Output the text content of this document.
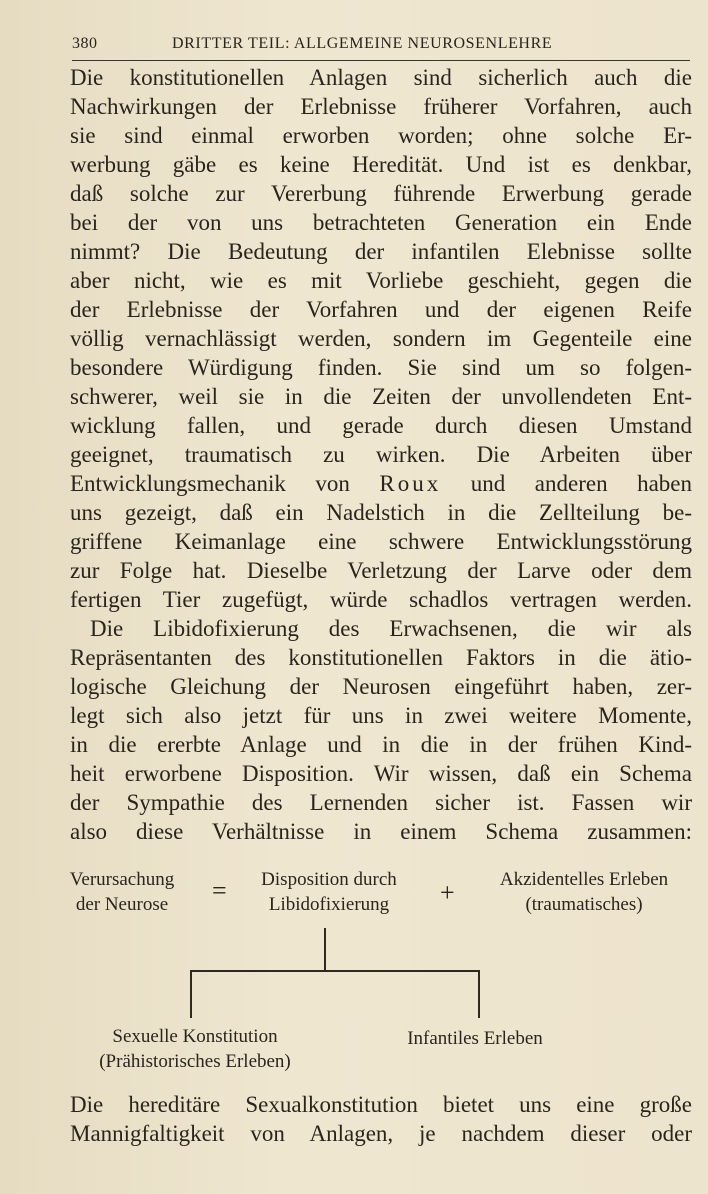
380	DRITTER TEIL: ALLGEMEINE NEUROSENLEHRE
Die konstitutionellen Anlagen sind sicherlich auch die
Nachwirkungen der Erlebnisse früherer Vorfahren, auch
sie sind einmal erworben worden; ohne solche Er-
werbung gäbe es keine Heredität. Und ist es denkbar,
daß solche zur Vererbung führende Erwerbung gerade
bei der von uns betrachteten Generation ein Ende
nimmt? Die Bedeutung der infantilen Elebnisse sollte
aber nicht, wie es mit Vorliebe geschieht, gegen die
der Erlebnisse der Vorfahren und der eigenen Reife
völlig vernachlässigt werden, sondern im Gegenteile eine
besondere Würdigung finden. Sie sind um so folgen-
schwerer, weil sie in die Zeiten der unvollendeten Ent-
wicklung fallen, und gerade durch diesen Umstand
geeignet, traumatisch zu wirken. Die Arbeiten über
Entwicklungsmechanik von Roux und anderen haben
uns gezeigt, daß ein Nadelstich in die Zellteilung be-
griffene Keimanlage eine schwere Entwicklungsstörung
zur Folge hat. Dieselbe Verletzung der Larve oder dem
fertigen Tier zugefügt, würde schadlos vertragen werden.
Die Libidofixierung des Erwachsenen, die wir als
Repräsentanten des konstitutionellen Faktors in die ätio-
logische Gleichung der Neurosen eingeführt haben, zer-
legt sich also jetzt für uns in zwei weitere Momente,
in die ererbte Anlage und in die in der frühen Kind-
heit erworbene Disposition. Wir wissen, daß ein Schema
der Sympathie des Lernenden sicher ist. Fassen wir
also diese Verhältnisse in einem Schema zusammen:
Verursachung
der Neurose	=	Disposition durch
Libidofixierung	+	Akzidentelles Erleben
(traumatisches)
Sexuelle Konstitution
(Prähistorisches Erleben)
Infantiles Erleben
Die hereditäre Sexualkonstitution bietet uns eine große
Mannigfaltigkeit von Anlagen, je nachdem dieser oder
